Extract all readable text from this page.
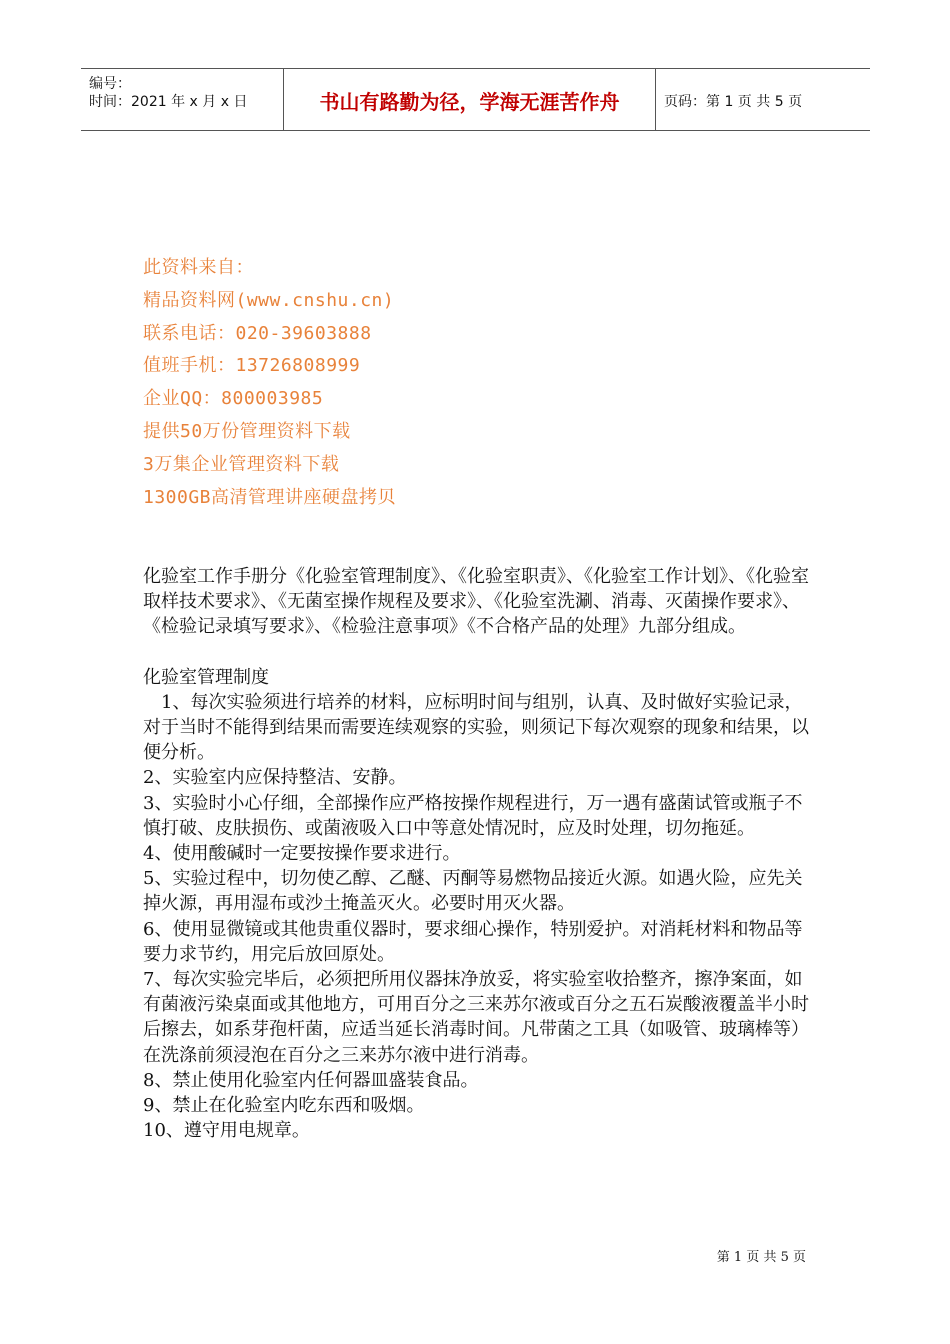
编号：
时间：2021 年 x 月 x 日	书山有路勤为径，学海无涯苦作舟	页码：第 1 页 共 5 页
此资料来自：
精品资料网(www.cnshu.cn)
联系电话：020-39603888
值班手机：13726808999
企业QQ：800003985
提供50万份管理资料下载
3万集企业管理资料下载
1300GB高清管理讲座硬盘拷贝

化验室工作手册分《化验室管理制度》、《化验室职责》、《化验室工作计划》、《化验室取样技术要求》、《无菌室操作规程及要求》、《化验室洗涮、消毒、灭菌操作要求》、《检验记录填写要求》、《检验注意事项》《不合格产品的处理》九部分组成。

化验室管理制度

1、每次实验须进行培养的材料，应标明时间与组别，认真、及时做好实验记录，对于当时不能得到结果而需要连续观察的实验，则须记下每次观察的现象和结果，以便分析。

2、实验室内应保持整洁、安静。

3、实验时小心仔细，全部操作应严格按操作规程进行，万一遇有盛菌试管或瓶子不慎打破、皮肤损伤、或菌液吸入口中等意处情况时，应及时处理，切勿拖延。

4、使用酸碱时一定要按操作要求进行。

5、实验过程中，切勿使乙醇、乙醚、丙酮等易燃物品接近火源。如遇火险，应先关掉火源，再用湿布或沙土掩盖灭火。必要时用灭火器。

6、使用显微镜或其他贵重仪器时，要求细心操作，特别爱护。对消耗材料和物品等要力求节约，用完后放回原处。

7、每次实验完毕后，必须把所用仪器抹净放妥，将实验室收拾整齐，擦净案面，如有菌液污染桌面或其他地方，可用百分之三来苏尔液或百分之五石炭酸液覆盖半小时后擦去，如系芽孢杆菌，应适当延长消毒时间。凡带菌之工具（如吸管、玻璃棒等）在洗涤前须浸泡在百分之三来苏尔液中进行消毒。

8、禁止使用化验室内任何器皿盛装食品。

9、禁止在化验室内吃东西和吸烟。

10、遵守用电规章。

第 1 页 共 5 页
